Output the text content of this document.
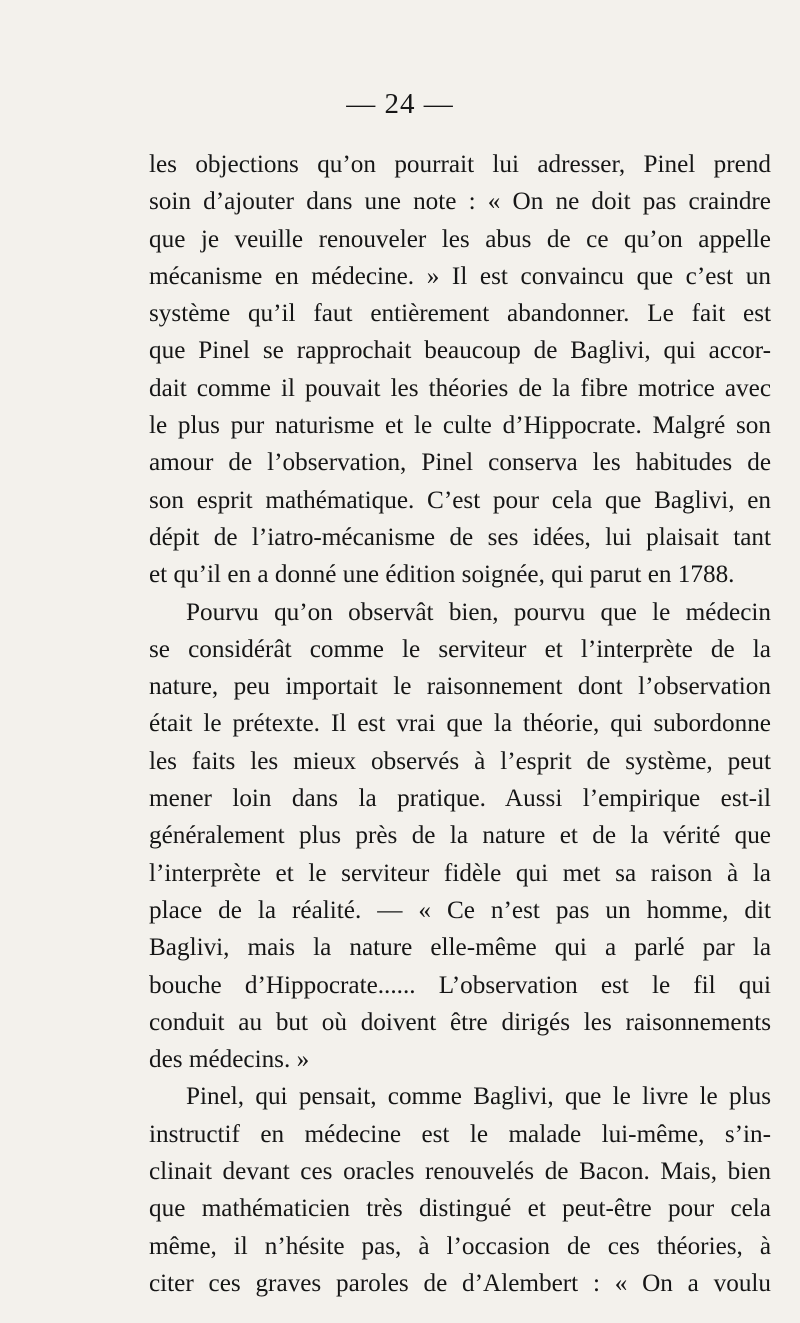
— 24 —
les objections qu’on pourrait lui adresser, Pinel prend
soin d’ajouter dans une note : « On ne doit pas craindre
que je veuille renouveler les abus de ce qu’on appelle
mécanisme en médecine. » Il est convaincu que c’est un
système qu’il faut entièrement abandonner. Le fait est
que Pinel se rapprochait beaucoup de Baglivi, qui accor-
dait comme il pouvait les théories de la fibre motrice avec
le plus pur naturisme et le culte d’Hippocrate. Malgré son
amour de l’observation, Pinel conserva les habitudes de
son esprit mathématique. C’est pour cela que Baglivi, en
dépit de l’iatro-mécanisme de ses idées, lui plaisait tant
et qu’il en a donné une édition soignée, qui parut en 1788.
Pourvu qu’on observât bien, pourvu que le médecin
se considérât comme le serviteur et l’interprète de la
nature, peu importait le raisonnement dont l’observation
était le prétexte. Il est vrai que la théorie, qui subordonne
les faits les mieux observés à l’esprit de système, peut
mener loin dans la pratique. Aussi l’empirique est-il
généralement plus près de la nature et de la vérité que
l’interprète et le serviteur fidèle qui met sa raison à la
place de la réalité. — « Ce n’est pas un homme, dit
Baglivi, mais la nature elle-même qui a parlé par la
bouche d’Hippocrate...... L’observation est le fil qui
conduit au but où doivent être dirigés les raisonnements
des médecins. »
Pinel, qui pensait, comme Baglivi, que le livre le plus
instructif en médecine est le malade lui-même, s’in-
clinait devant ces oracles renouvelés de Bacon. Mais, bien
que mathématicien très distingué et peut-être pour cela
même, il n’hésite pas, à l’occasion de ces théories, à
citer ces graves paroles de d’Alembert : « On a voulu
